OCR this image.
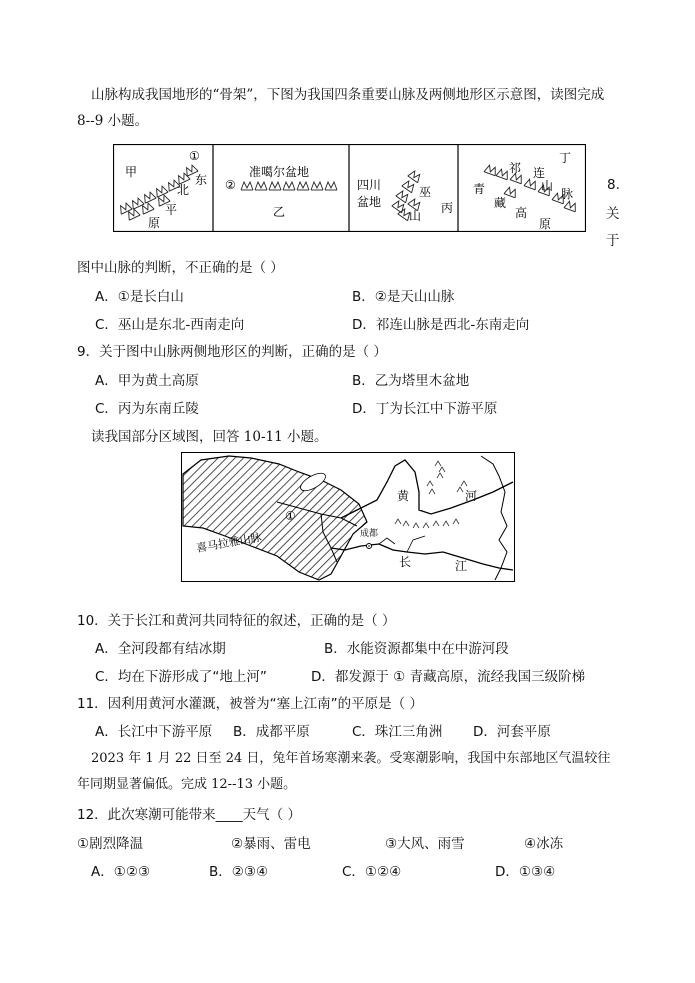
山脉构成我国地形的“骨架”，下图为我国四条重要山脉及两侧地形区示意图，读图完成
8--9 小题。
①
甲
东
北
平
原
②
准噶尔盆地
乙
四川
盆地
巫
山
丙
丁
祁 连
山
脉
青
藏
高
原
8.
关
于
图中山脉的判断，不正确的是（ ）
A．①是长白山	B．②是天山山脉
C．巫山是东北-西南走向	D．祁连山脉是西北-东南走向
9．关于图中山脉两侧地形区的判断，正确的是（ ）
A．甲为黄土高原	B．乙为塔里木盆地
C．丙为东南丘陵	D．丁为长江中下游平原
读我国部分区域图，回答 10-11 小题。
①
黄	河
成都
长	江
喜马拉雅山脉
10．关于长江和黄河共同特征的叙述，正确的是（ ）
A．全河段都有结冰期	B．水能资源都集中在中游河段
C．均在下游形成了“地上河”	D．都发源于 ① 青藏高原，流经我国三级阶梯
11．因利用黄河水灌溉，被誉为“塞上江南”的平原是（ ）
A．长江中下游平原 B．成都平原	C．珠江三角洲 D．河套平原
2023 年 1 月 22 日至 24 日，兔年首场寒潮来袭。受寒潮影响，我国中东部地区气温较往
年同期显著偏低。完成 12--13 小题。
12．此次寒潮可能带来____天气（ ）
①剧烈降温	②暴雨、雷电	③大风、雨雪	④冰冻
A．①②③	B．②③④	C．①②④	D．①③④
